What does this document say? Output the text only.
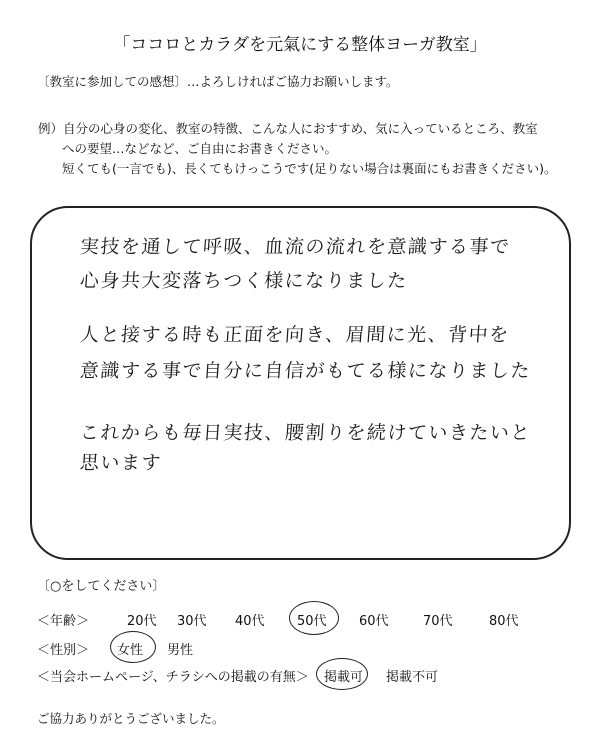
「ココロとカラダを元氣にする整体ヨーガ教室」
〔教室に参加しての感想〕…よろしければご協力お願いします。
例）自分の心身の変化、教室の特徴、こんな人におすすめ、気に入っているところ、教室
への要望…などなど、ご自由にお書きください。
短くても(一言でも)、長くてもけっこうです(足りない場合は裏面にもお書きください)。
実技を通して呼吸、血流の流れを意識する事で
心身共大変落ちつく様になりました
人と接する時も正面を向き、眉間に光、背中を
意識する事で自分に自信がもてる様になりました
これからも毎日実技、腰割りを続けていきたいと
思います
〔○をしてください〕
＜年齢＞	20代 30代 40代 50代 60代	70代	80代
＜性別＞ 女性 男性
＜当会ホームページ、チラシへの掲載の有無＞ 掲載可 掲載不可
ご協力ありがとうございました。
